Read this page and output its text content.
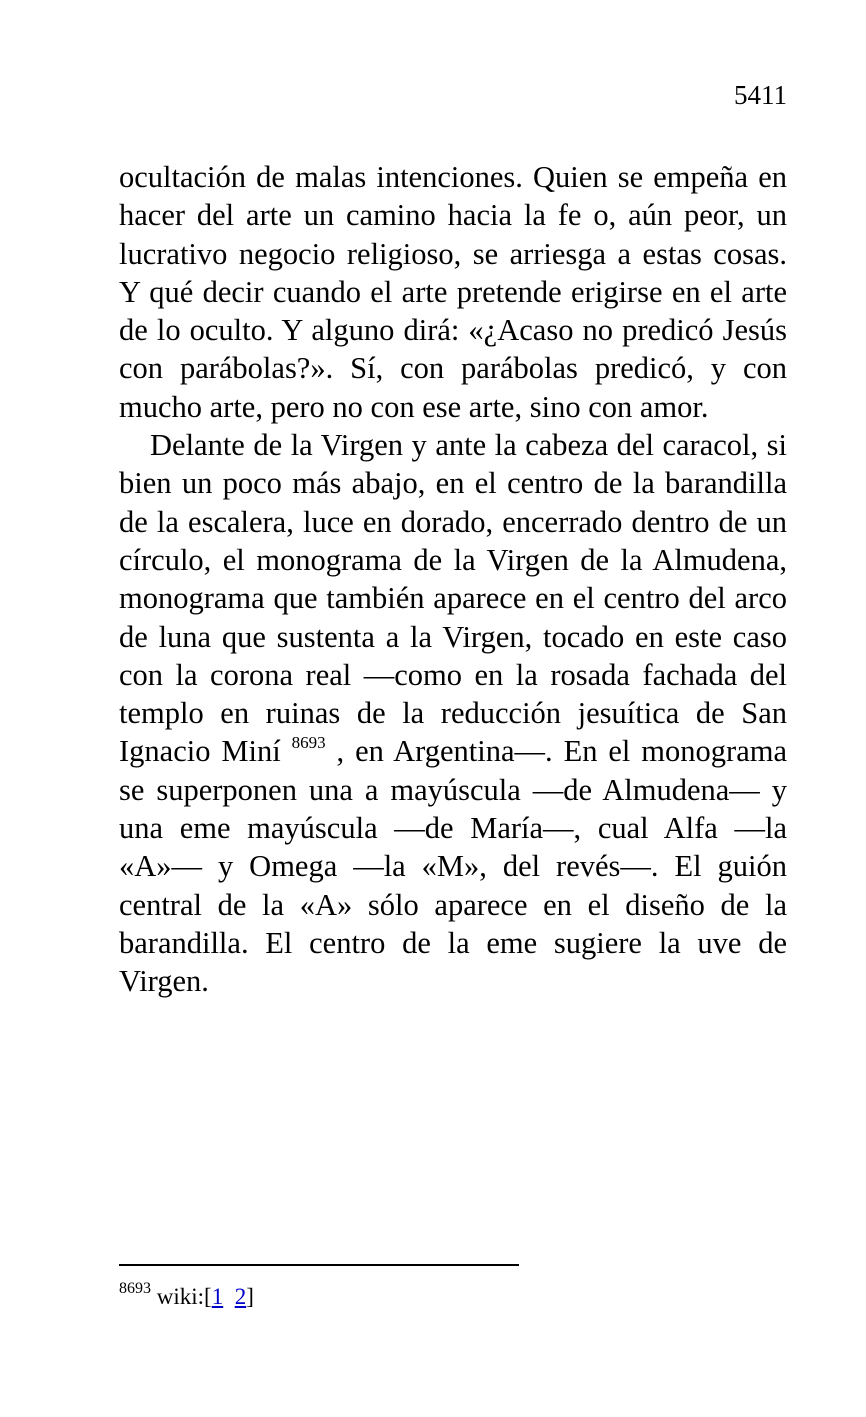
5411

ocultación de malas intenciones. Quien se empeña en hacer del arte un camino hacia la fe o, aún peor, un lucrativo negocio religioso, se arriesga a estas cosas. Y qué decir cuando el arte pretende erigirse en el arte de lo oculto. Y alguno dirá: «¿Acaso no predicó Jesús con parábolas?». Sí, con parábolas predicó, y con mucho arte, pero no con ese arte, sino con amor.

Delante de la Virgen y ante la cabeza del caracol, si bien un poco más abajo, en el centro de la barandilla de la escalera, luce en dorado, encerrado dentro de un círculo, el monograma de la Virgen de la Almudena, monograma que también aparece en el centro del arco de luna que sustenta a la Virgen, tocado en este caso con la corona real —como en la rosada fachada del templo en ruinas de la reducción jesuítica de San Ignacio Miní $^{8693}$ , en Argentina—. En el monograma se superponen una a mayúscula —de Almudena— y una eme mayúscula —de María—, cual Alfa —la «A»— y Omega —la «M», del revés—. El guión central de la «A» sólo aparece en el diseño de la barandilla. El centro de la eme sugiere la uve de Virgen.

$^{8693}$ wiki:[1 2]
